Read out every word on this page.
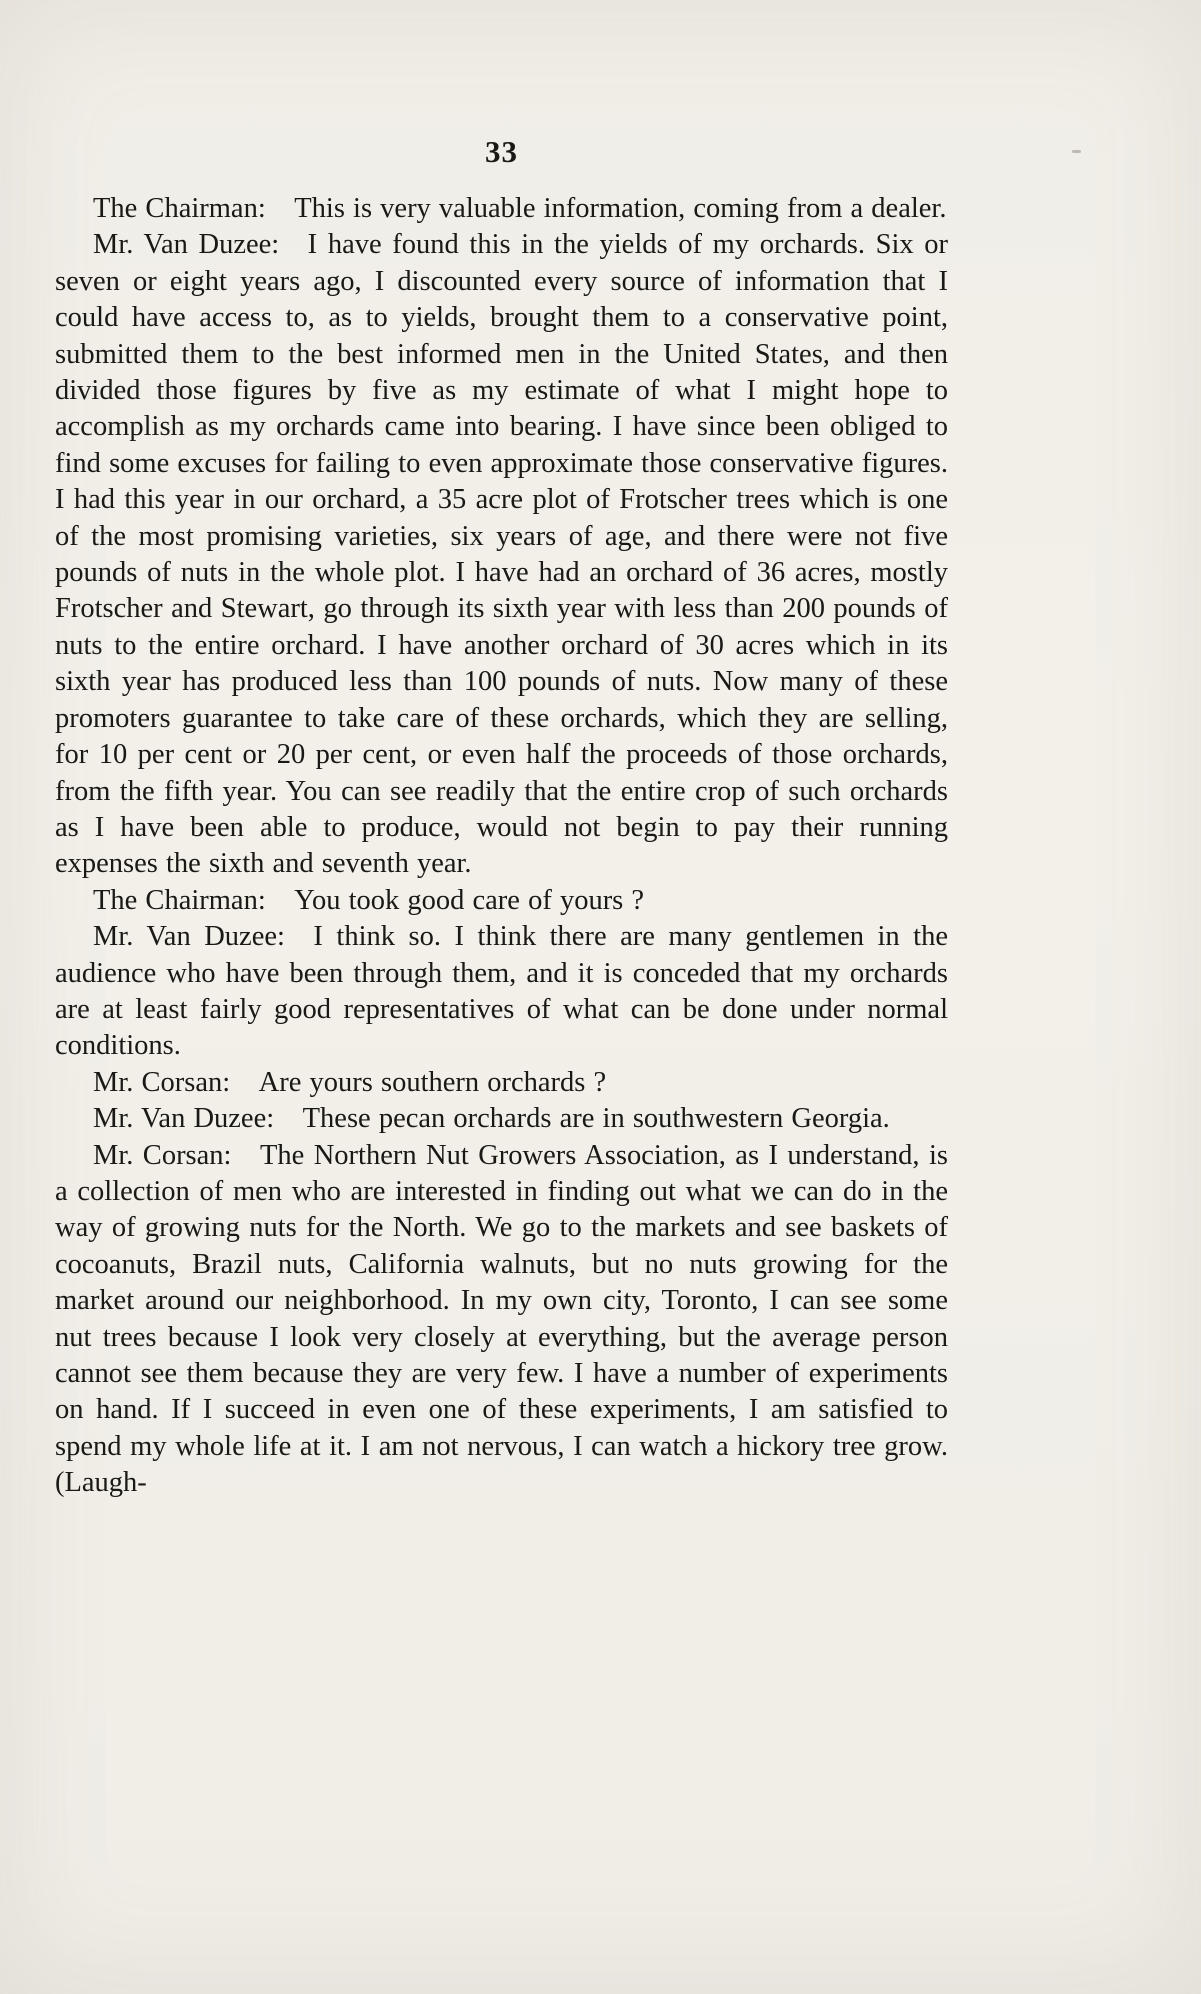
33

The Chairman: This is very valuable information, coming from a dealer.

Mr. Van Duzee: I have found this in the yields of my orchards. Six or seven or eight years ago, I discounted every source of information that I could have access to, as to yields, brought them to a conservative point, submitted them to the best informed men in the United States, and then divided those figures by five as my estimate of what I might hope to accomplish as my orchards came into bearing. I have since been obliged to find some excuses for failing to even approximate those conservative figures. I had this year in our orchard, a 35 acre plot of Frotscher trees which is one of the most promising varieties, six years of age, and there were not five pounds of nuts in the whole plot. I have had an orchard of 36 acres, mostly Frotscher and Stewart, go through its sixth year with less than 200 pounds of nuts to the entire orchard. I have another orchard of 30 acres which in its sixth year has produced less than 100 pounds of nuts. Now many of these promoters guarantee to take care of these orchards, which they are selling, for 10 per cent or 20 per cent, or even half the proceeds of those orchards, from the fifth year. You can see readily that the entire crop of such orchards as I have been able to produce, would not begin to pay their running expenses the sixth and seventh year.

The Chairman: You took good care of yours ?

Mr. Van Duzee: I think so. I think there are many gentlemen in the audience who have been through them, and it is conceded that my orchards are at least fairly good representatives of what can be done under normal conditions.

Mr. Corsan: Are yours southern orchards ?

Mr. Van Duzee: These pecan orchards are in southwestern Georgia.

Mr. Corsan: The Northern Nut Growers Association, as I understand, is a collection of men who are interested in finding out what we can do in the way of growing nuts for the North. We go to the markets and see baskets of cocoanuts, Brazil nuts, California walnuts, but no nuts growing for the market around our neighborhood. In my own city, Toronto, I can see some nut trees because I look very closely at everything, but the average person cannot see them because they are very few. I have a number of experiments on hand. If I succeed in even one of these experiments, I am satisfied to spend my whole life at it. I am not nervous, I can watch a hickory tree grow. (Laugh-
